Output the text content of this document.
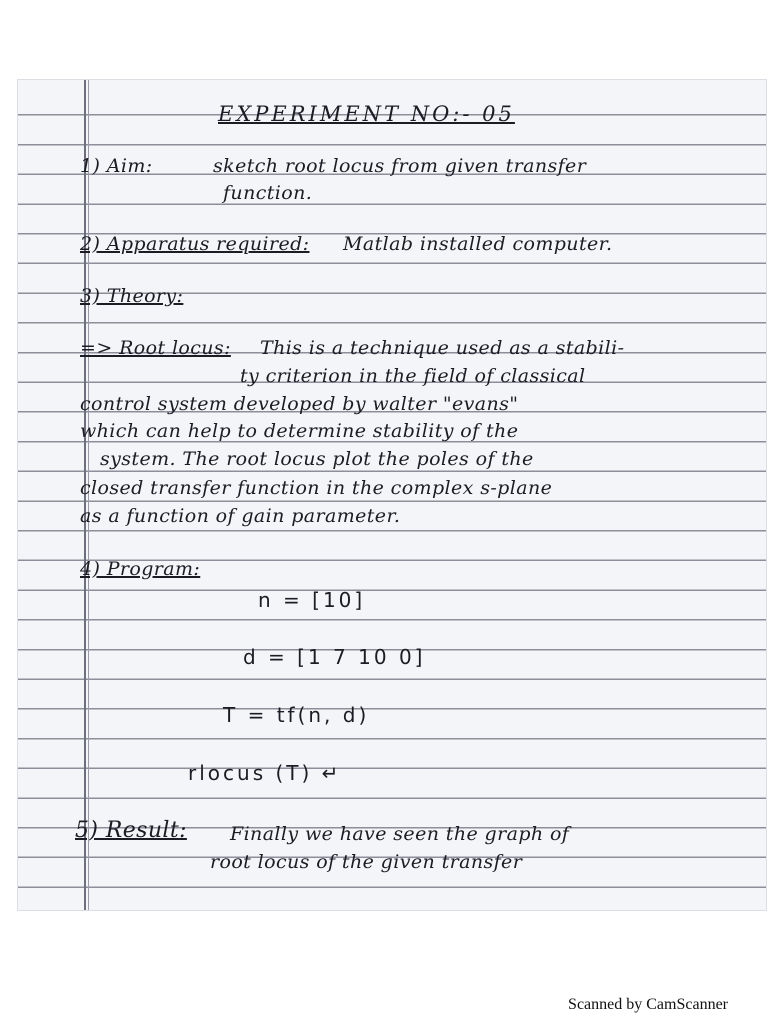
EXPERIMENT NO:- 05
1) Aim:	sketch root locus from given transfer
function.
2) Apparatus required: Matlab installed computer.
3) Theory:
=> Root locus: This is a technique used as a stabili-
ty criterion in the field of classical
control system developed by walter "evans"
which can help to determine stability of the
system. The root locus plot the poles of the
closed transfer function in the complex s-plane
as a function of gain parameter.
4) Program:
n = [10]
d = [1 7 10 0]
T = tf(n, d)
rlocus (T) ↵
5) Result: Finally we have seen the graph of
root locus of the given transfer
Scanned by CamScanner
